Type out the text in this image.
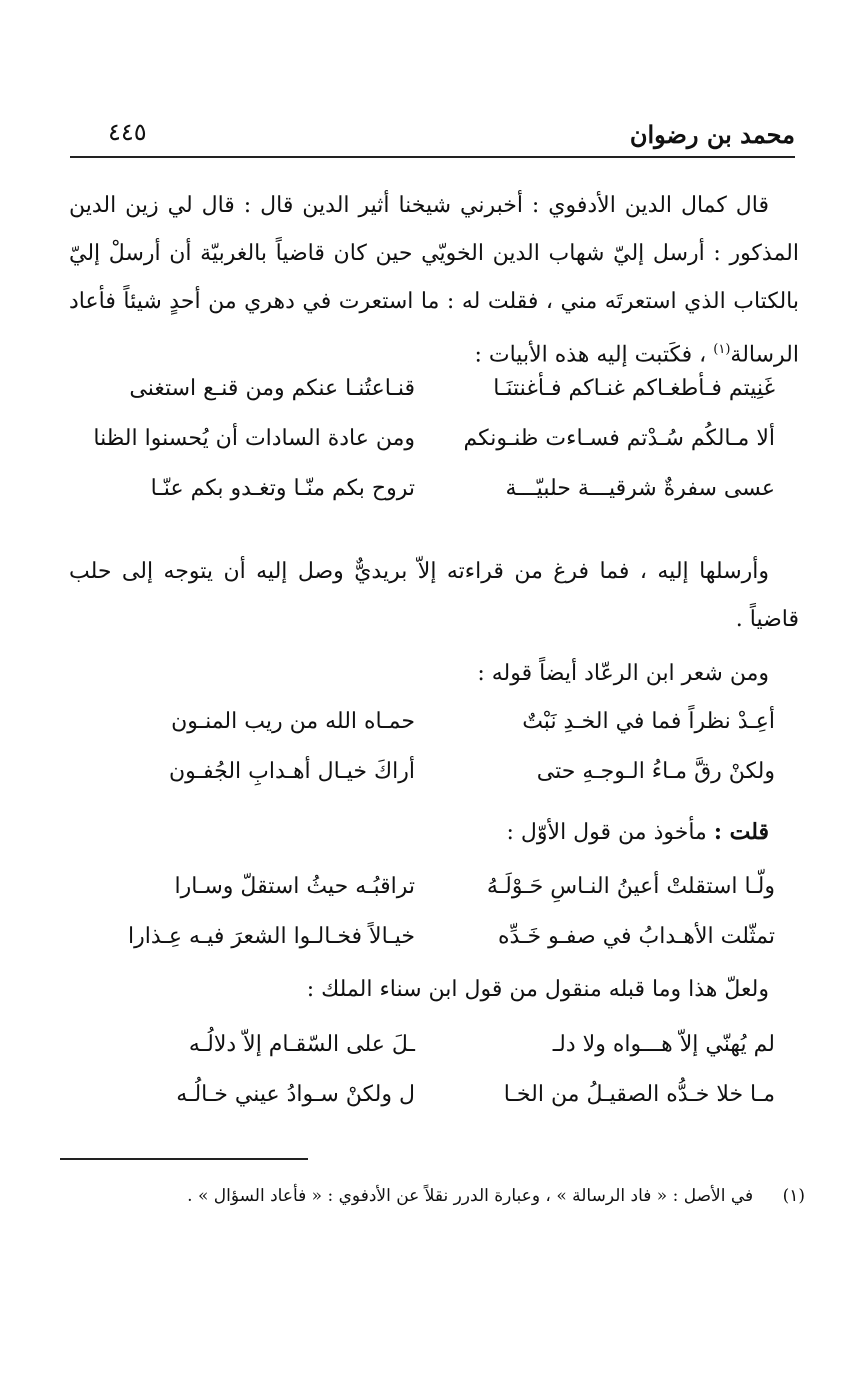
محمد بن رضوان
٤٤٥
قال كمال الدين الأدفوي : أخبرني شيخنا أثير الدين قال : قال لي زين الدين المذكور : أرسل إليّ شهاب الدين الخويّي حين كان قاضياً بالغربيّة أن أرسلْ إليّ بالكتاب الذي استعرتَه مني ، فقلت له : ما استعرت في دهري من أحدٍ شيئاً فأعاد الرسالة$^{(١)}$ ، فكَتبت إليه هذه الأبيات :
غَنِيتم فـأطغـاكم غنـاكم فـأغنتنَـا
قنـاعتُنـا عنكم ومن قنـع استغنى
ألا مـالكُم سُـدْتم فسـاءت ظنـونكم
ومن عادة السادات أن يُحسنوا الظنا
عسى سفرةٌ شرقيـــة حلبيّـــة
تروح بكم منّـا وتغـدو بكم عنّـا
وأرسلها إليه ، فما فرغ من قراءته إلاّ بريديٌّ وصل إليه أن يتوجه إلى حلب قاضياً .
ومن شعر ابن الرعّاد أيضاً قوله :
أعِـدْ نظراً فما في الخـدِ نَبْتٌ
حمـاه الله من ريب المنـون
ولكنْ رقَّ مـاءُ الـوجـهِ حتى
أراكَ خيـال أهـدابِ الجُفـون
قلت : مأخوذ من قول الأوّل :
ولّـا استقلتْ أعينُ النـاسِ حَـوْلَـهُ
تراقبُـه حيثُ استقلّ وسـارا
تمثّلت الأهـدابُ في صفـو خَـدِّه
خيـالاً فخـالـوا الشعرَ فيـه عِـذارا
ولعلّ هذا وما قبله منقول من قول ابن سناء الملك :
لم يُهنّي إلاّ هـــواه ولا دلـ
ـلَ على السّقـام إلاّ دلالُـه
مـا خلا خـدُّه الصقيـلُ من الخـا
ل ولكنْ سـوادُ عيني خـالُـه
(١) في الأصل : « فاد الرسالة » ، وعبارة الدرر نقلاً عن الأدفوي : « فأعاد السؤال » .
